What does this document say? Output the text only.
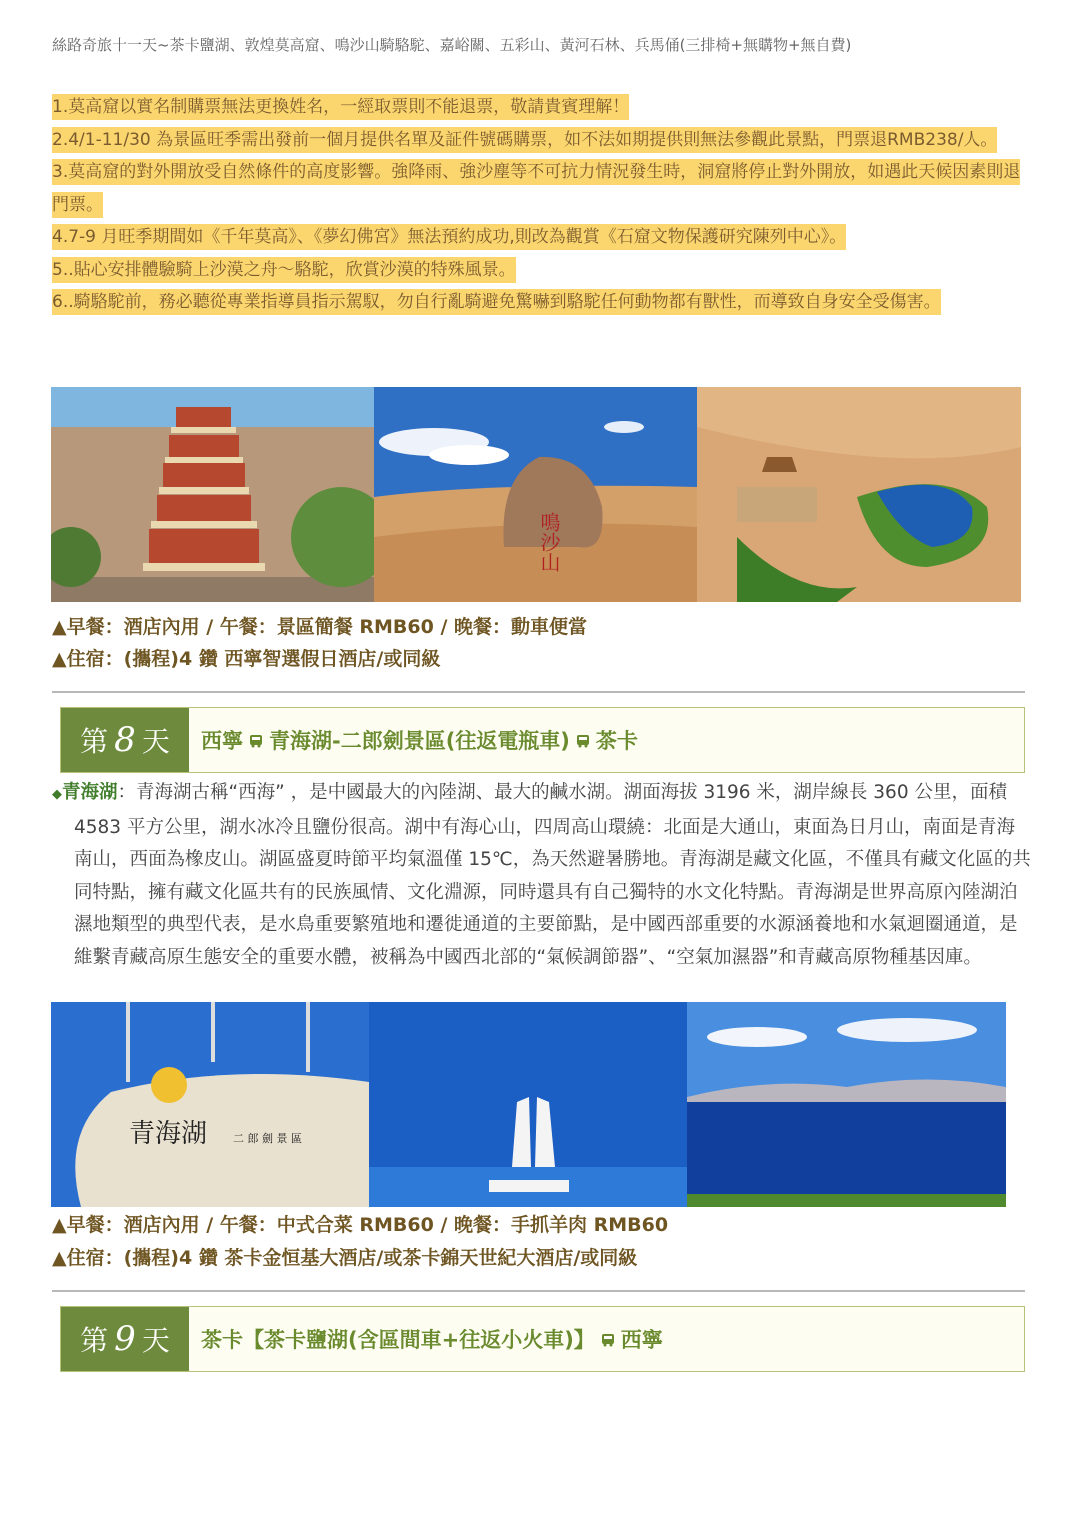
絲路奇旅十一天~茶卡鹽湖、敦煌莫高窟、鳴沙山騎駱駝、嘉峪關、五彩山、黃河石林、兵馬俑(三排椅+無購物+無自費)
1.莫高窟以實名制購票無法更換姓名，一經取票則不能退票，敬請貴賓理解！
2.4/1-11/30 為景區旺季需出發前一個月提供名單及証件號碼購票，如不法如期提供則無法參觀此景點，門票退RMB238/人。
3.莫高窟的對外開放受自然條件的高度影響。強降雨、強沙塵等不可抗力情況發生時，洞窟將停止對外開放，如遇此天候因素則退門票。
4.7-9 月旺季期間如《千年莫高》、《夢幻佛宮》無法預約成功,則改為觀賞《石窟文物保護研究陳列中心》。
5..貼心安排體驗騎上沙漠之舟～駱駝，欣賞沙漠的特殊風景。
6..騎駱駝前，務必聽從專業指導員指示駕馭，勿自行亂騎避免驚嚇到駱駝任何動物都有獸性，而導致自身安全受傷害。
鳴沙山
▲早餐：酒店內用 / 午餐：景區簡餐 RMB60 / 晚餐：動車便當
▲住宿：(攜程)4 鑽 西寧智選假日酒店/或同級
第 8 天 西寧 青海湖-二郎劍景區(往返電瓶車) 茶卡
◆青海湖：青海湖古稱“西海” ，是中國最大的內陸湖、最大的鹹水湖。湖面海拔 3196 米，湖岸線長 360 公里，面積 4583 平方公里，湖水冰冷且鹽份很高。湖中有海心山，四周高山環繞：北面是大通山，東面為日月山，南面是青海南山，西面為橡皮山。湖區盛夏時節平均氣溫僅 15℃，為天然避暑勝地。青海湖是藏文化區，不僅具有藏文化區的共同特點，擁有藏文化區共有的民族風情、文化淵源，同時還具有自己獨特的水文化特點。青海湖是世界高原內陸湖泊濕地類型的典型代表，是水鳥重要繁殖地和遷徙通道的主要節點，是中國西部重要的水源涵養地和水氣迴圈通道，是維繫青藏高原生態安全的重要水體，被稱為中國西北部的“氣候調節器”、“空氣加濕器”和青藏高原物種基因庫。
青海湖 二 郎 劍 景 區
▲早餐：酒店內用 / 午餐：中式合菜 RMB60 / 晚餐：手抓羊肉 RMB60
▲住宿：(攜程)4 鑽 茶卡金恒基大酒店/或茶卡錦天世紀大酒店/或同級
第 9 天 茶卡【茶卡鹽湖(含區間車+往返小火車)】 西寧
